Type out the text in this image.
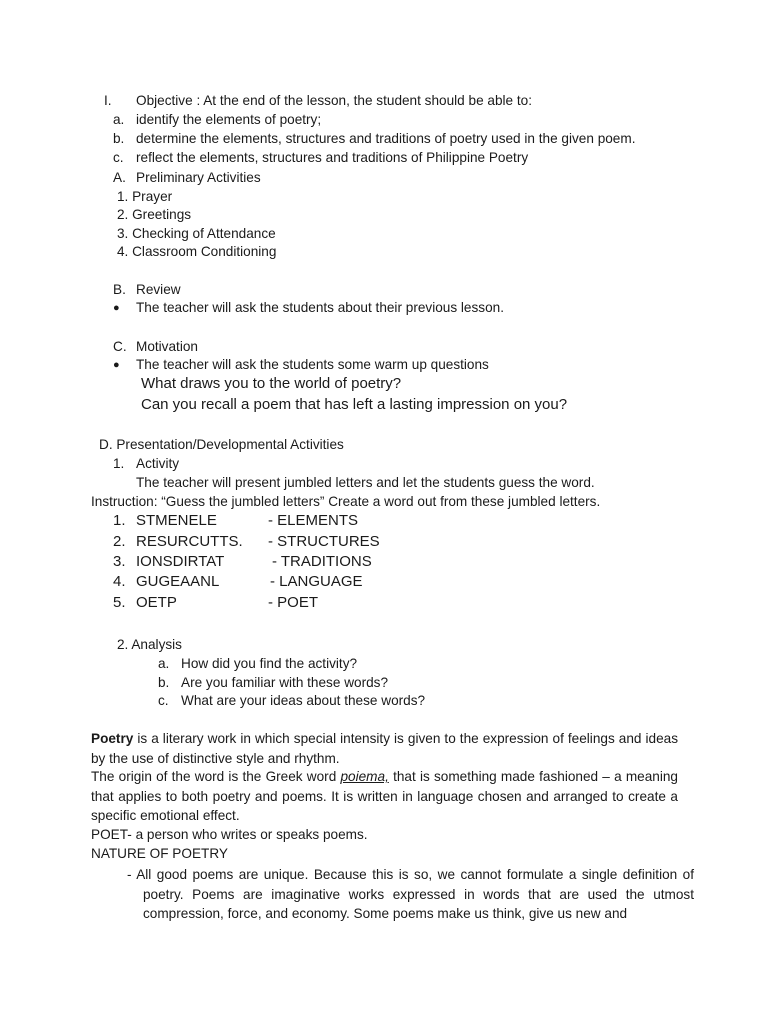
I. Objective : At the end of the lesson, the student should be able to:
a. identify the elements of poetry;
b. determine the elements, structures and traditions of poetry used in the given poem.
c. reflect the elements, structures and traditions of Philippine Poetry
A. Preliminary Activities
1. Prayer
2. Greetings
3. Checking of Attendance
4. Classroom Conditioning
B. Review
● The teacher will ask the students about their previous lesson.
C. Motivation
● The teacher will ask the students some warm up questions
What draws you to the world of poetry?
Can you recall a poem that has left a lasting impression on you?
D. Presentation/Developmental Activities
1. Activity
The teacher will present jumbled letters and let the students guess the word.
Instruction: “Guess the jumbled letters” Create a word out from these jumbled letters.
1. STMENELE	- ELEMENTS
2. RESURCUTTS. - STRUCTURES
3. IONSDIRTAT	- TRADITIONS
4. GUGEAANL	- LANGUAGE
5. OETP	- POET
2. Analysis
a. How did you find the activity?
b. Are you familiar with these words?
c. What are your ideas about these words?
Poetry is a literary work in which special intensity is given to the expression of feelings and ideas by the use of distinctive style and rhythm.
The origin of the word is the Greek word poiema, that is something made fashioned – a meaning that applies to both poetry and poems. It is written in language chosen and arranged to create a specific emotional effect.
POET- a person who writes or speaks poems.
NATURE OF POETRY
- All good poems are unique. Because this is so, we cannot formulate a single definition of poetry. Poems are imaginative works expressed in words that are used the utmost compression, force, and economy. Some poems make us think, give us new and
